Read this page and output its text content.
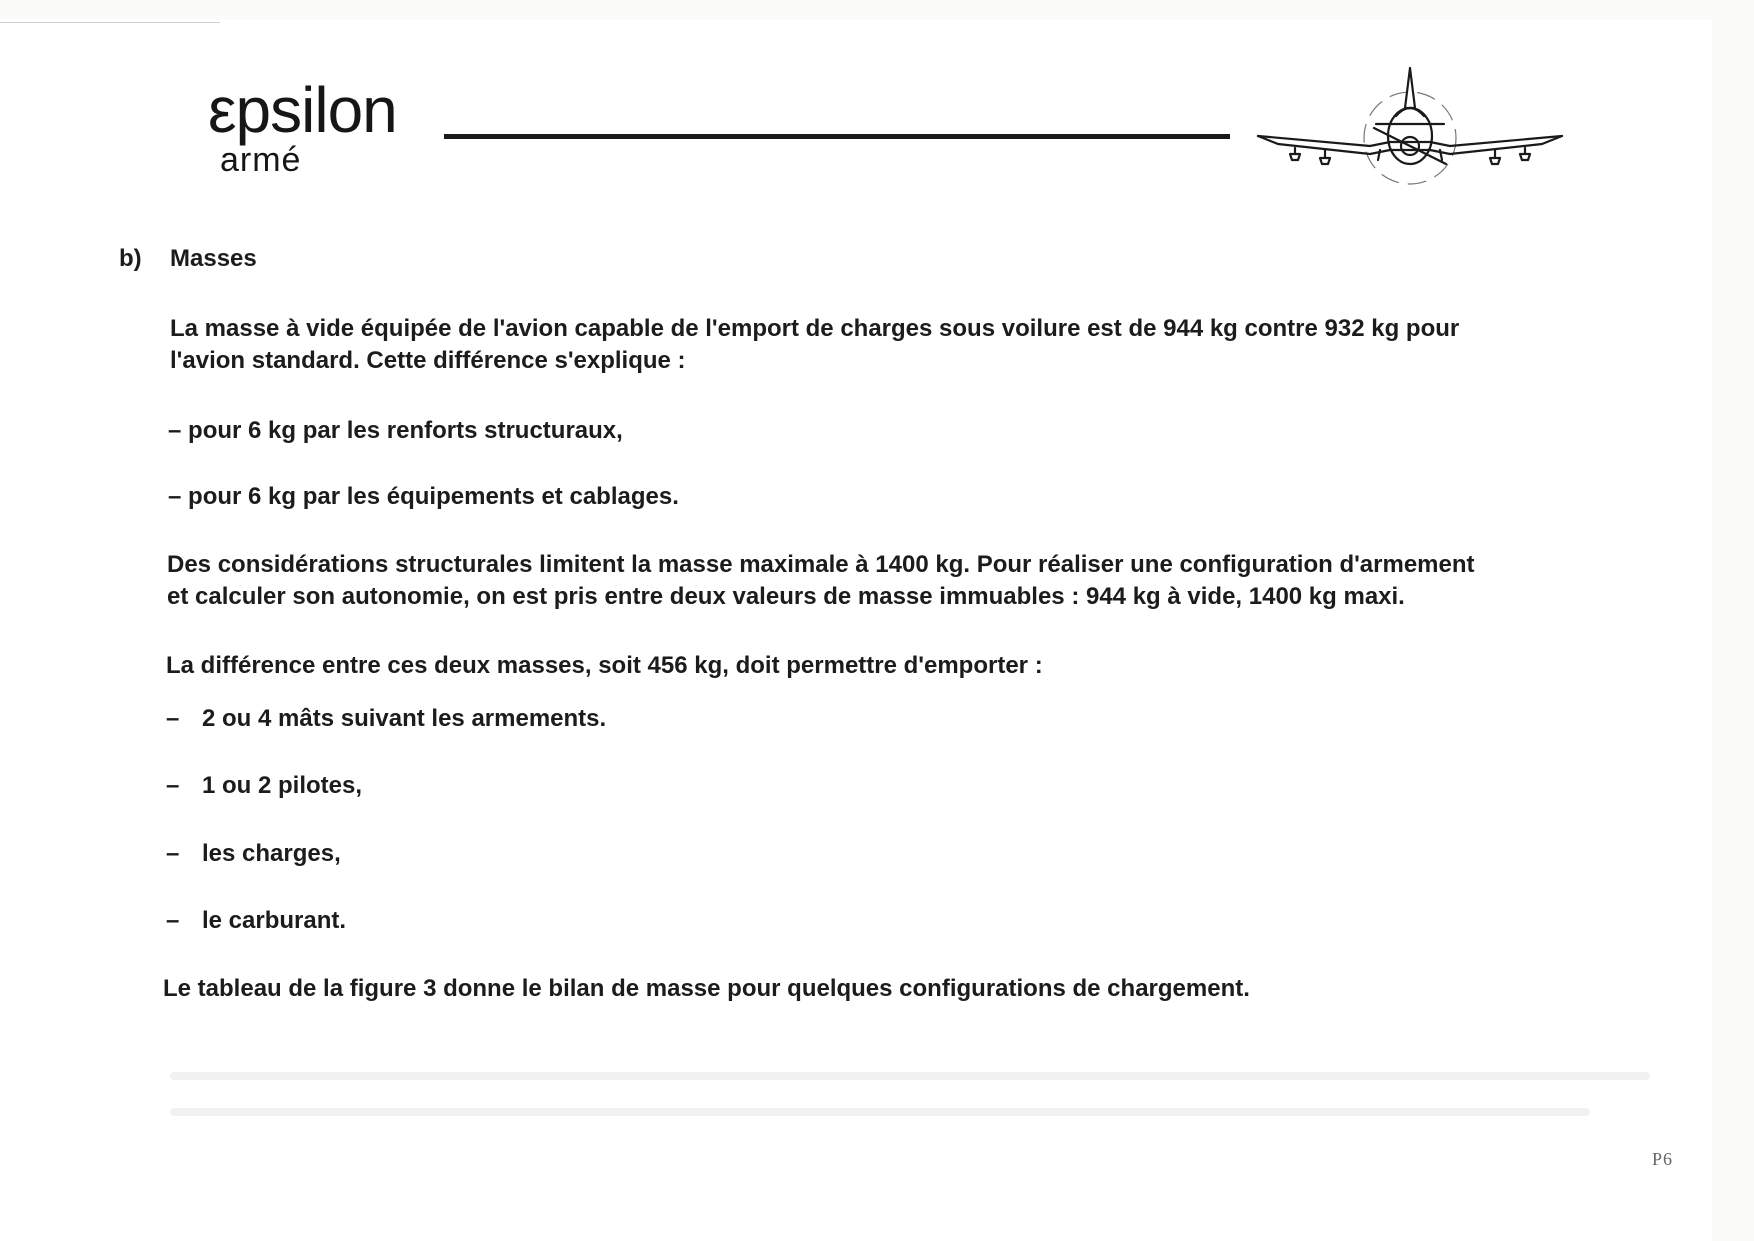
εpsilon
armé
b) Masses
La masse à vide équipée de l'avion capable de l'emport de charges sous voilure est de 944 kg contre 932 kg pour
l'avion standard. Cette différence s'explique :
– pour 6 kg par les renforts structuraux,
– pour 6 kg par les équipements et cablages.
Des considérations structurales limitent la masse maximale à 1400 kg. Pour réaliser une configuration d'armement
et calculer son autonomie, on est pris entre deux valeurs de masse immuables : 944 kg à vide, 1400 kg maxi.
La différence entre ces deux masses, soit 456 kg, doit permettre d'emporter :
– 2 ou 4 mâts suivant les armements.
– 1 ou 2 pilotes,
– les charges,
– le carburant.
Le tableau de la figure 3 donne le bilan de masse pour quelques configurations de chargement.
P6
